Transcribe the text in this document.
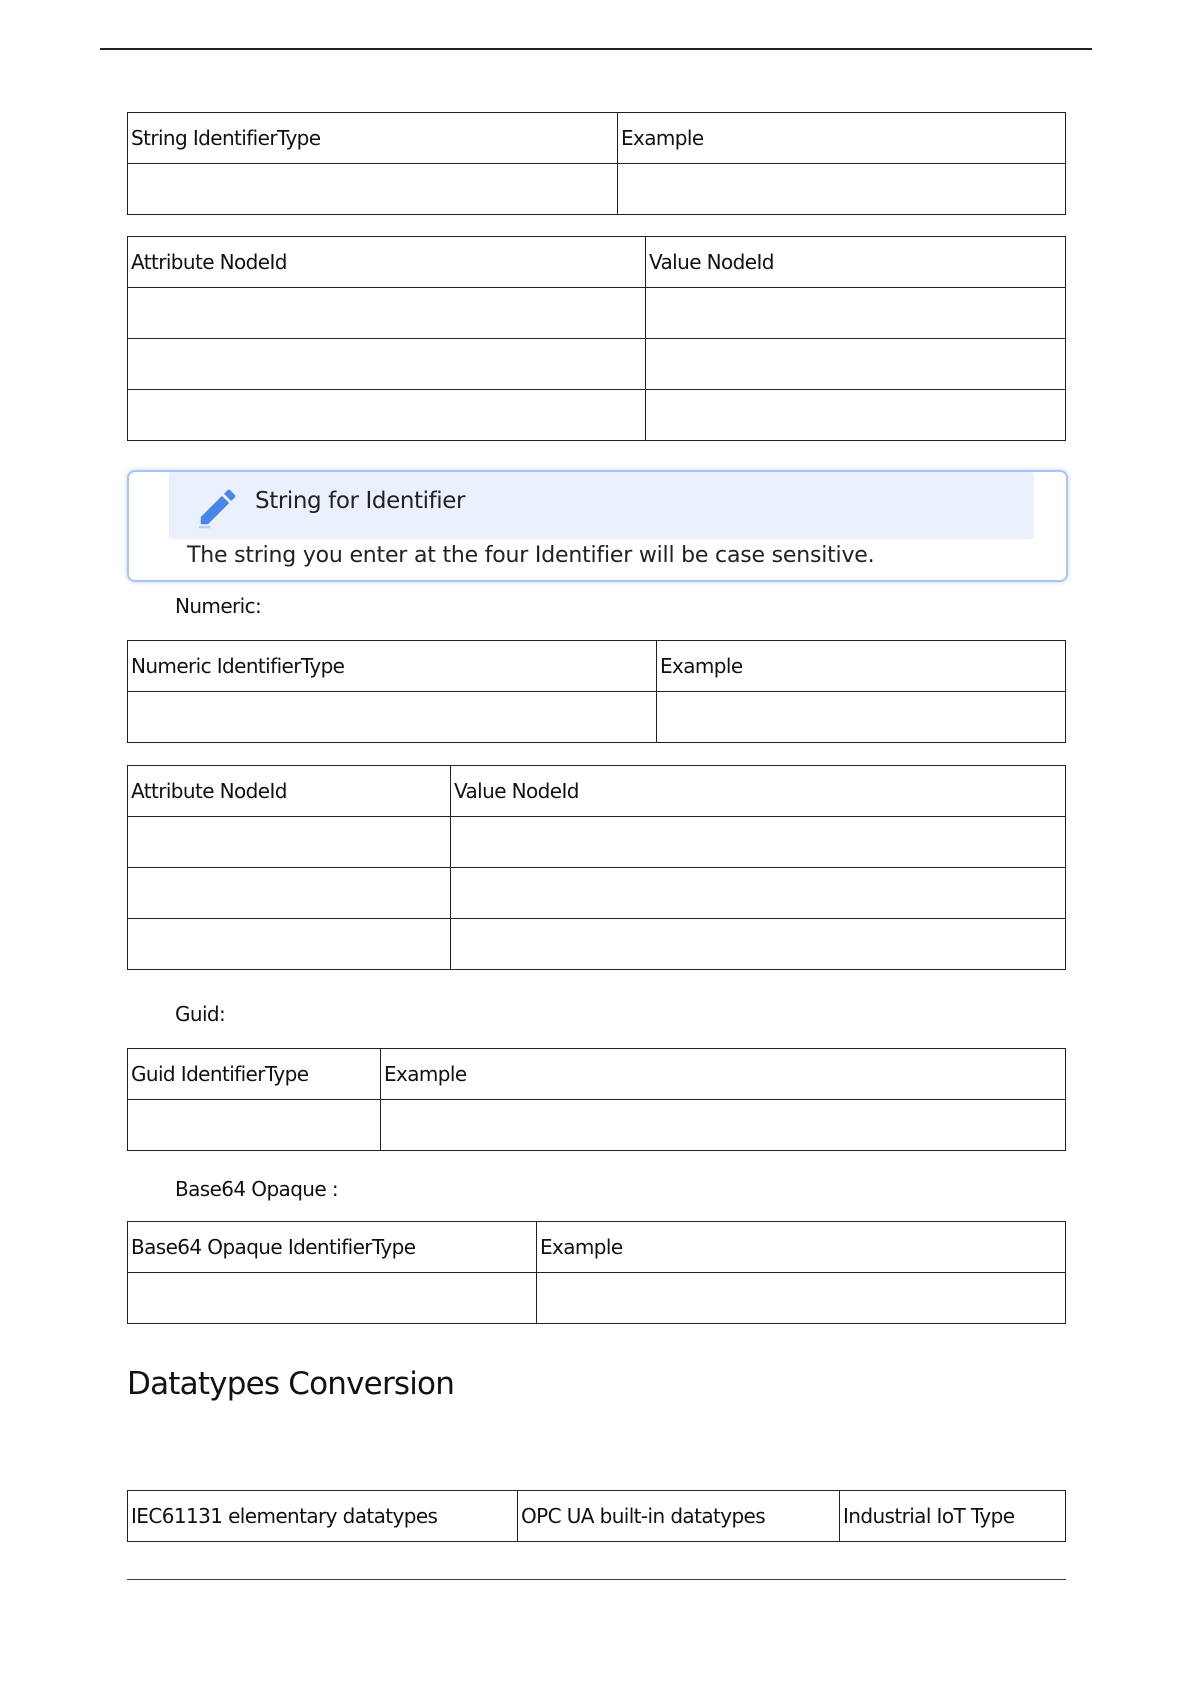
String IdentifierType	Example

Attribute NodeId	Value NodeId

String for Identifier
The string you enter at the four Identifier will be case sensitive.
Numeric:
Numeric IdentifierType	Example

Attribute NodeId	Value NodeId

Guid:
Guid IdentifierType	Example

Base64 Opaque :
Base64 Opaque IdentifierType	Example

Datatypes Conversion
IEC61131 elementary datatypes	OPC UA built-in datatypes	Industrial IoT Type
